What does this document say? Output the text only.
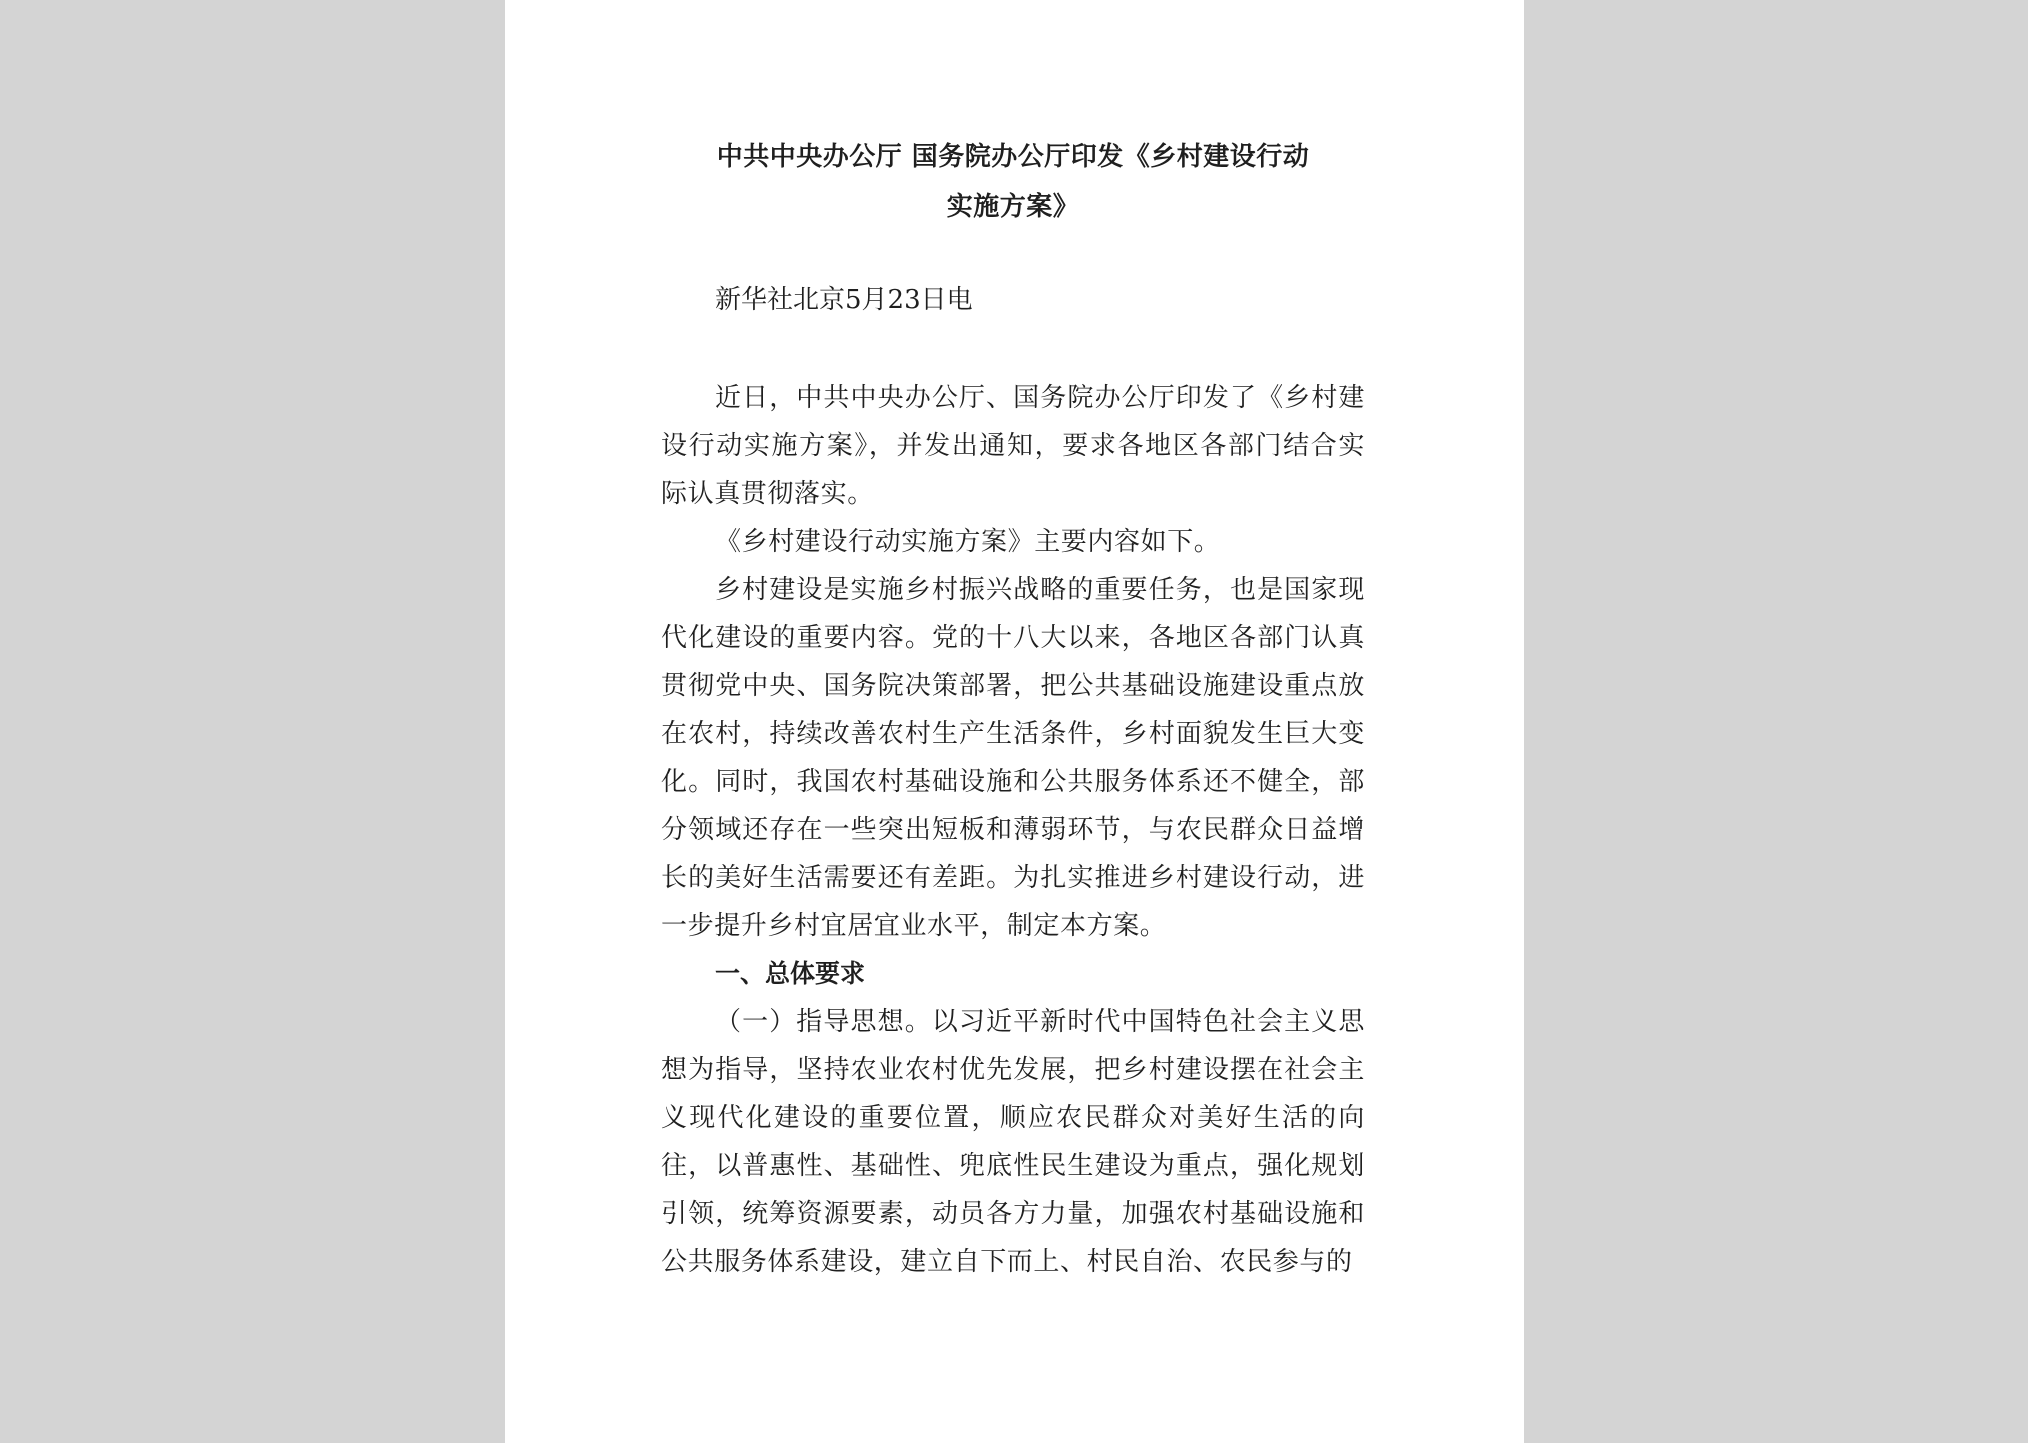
中共中央办公厅 国务院办公厅印发《乡村建设行动
实施方案》

新华社北京5月23日电

近日，中共中央办公厅、国务院办公厅印发了《乡村建设行动实施方案》，并发出通知，要求各地区各部门结合实际认真贯彻落实。

《乡村建设行动实施方案》主要内容如下。

乡村建设是实施乡村振兴战略的重要任务，也是国家现代化建设的重要内容。党的十八大以来，各地区各部门认真贯彻党中央、国务院决策部署，把公共基础设施建设重点放在农村，持续改善农村生产生活条件，乡村面貌发生巨大变化。同时，我国农村基础设施和公共服务体系还不健全，部分领域还存在一些突出短板和薄弱环节，与农民群众日益增长的美好生活需要还有差距。为扎实推进乡村建设行动，进一步提升乡村宜居宜业水平，制定本方案。

一、总体要求

（一）指导思想。以习近平新时代中国特色社会主义思想为指导，坚持农业农村优先发展，把乡村建设摆在社会主义现代化建设的重要位置，顺应农民群众对美好生活的向往，以普惠性、基础性、兜底性民生建设为重点，强化规划引领，统筹资源要素，动员各方力量，加强农村基础设施和公共服务体系建设，建立自下而上、村民自治、农民参与的
